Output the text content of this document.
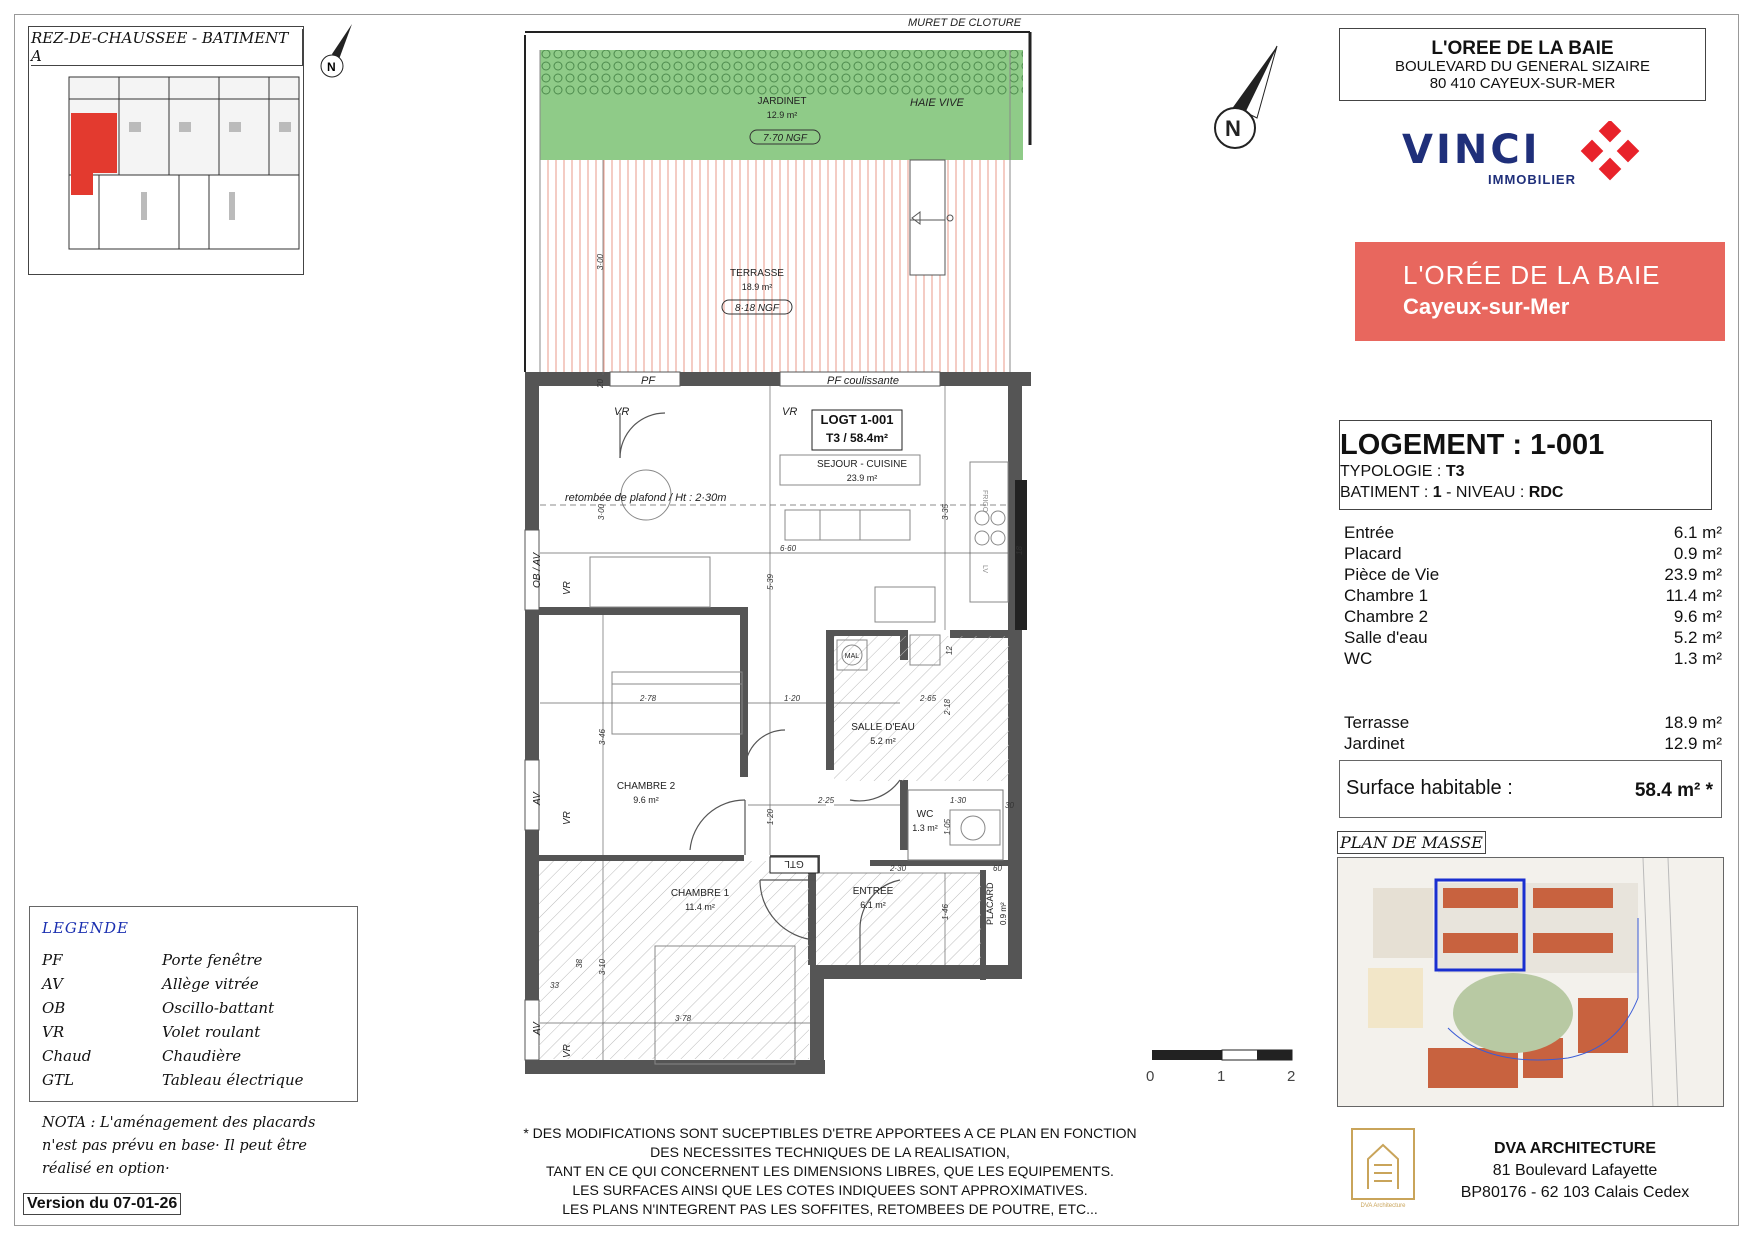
REZ-DE-CHAUSSEE - BATIMENT A
N
MURET DE CLOTURE
HAIE VIVE
JARDINET
12.9 m²
7·70 NGF
TERRASSE
18.9 m²
8·18 NGF
PF	PF coulissante
VR	VR LOGT 1-001
T3 / 58.4m²
SEJOUR - CUISINE
23.9 m²
retombée de plafond / Ht : 2·30m
SALLE D'EAU
5.2 m²
CHAMBRE 2
9.6 m²
WC
1.3 m²
CHAMBRE 1
11.4 m²
ENTREE
6.1 m²	PLACARD 0.9 m²
GTL
OB / AV
AV
AV
VR
VR
VR
MAL
FRIGO
LV
3·00
6·60
5·39
3·35
3·00
2·78	1·20	2·65
2·18
3·46
2·25	1·30
1·05
1·20
2·30
1·46
60
3·10
3·78
38
33
20
18
12
30
N
0	1	2
L'OREE DE LA BAIE
BOULEVARD DU GENERAL SIZAIRE
80 410 CAYEUX-SUR-MER
VINCI
IMMOBILIER
L'ORÉE DE LA BAIE
Cayeux-sur-Mer
LOGEMENT : 1-001
TYPOLOGIE : T3
BATIMENT : 1 - NIVEAU : RDC
Entrée	6.1 m²
Placard	0.9 m²
Pièce de Vie	23.9 m²
Chambre 1	11.4 m²
Chambre 2	9.6 m²
Salle d'eau	5.2 m²
WC	1.3 m²
Terrasse	18.9 m²
Jardinet	12.9 m²
Surface habitable :	58.4 m² *
PLAN DE MASSE
DVA Architecture
DVA ARCHITECTURE
81 Boulevard Lafayette
BP80176 - 62 103 Calais Cedex
LEGENDE
PF	Porte fenêtre
AV	Allège vitrée
OB	Oscillo-battant
VR	Volet roulant
Chaud	Chaudière
GTL	Tableau électrique
NOTA : L'aménagement des placards
n'est pas prévu en base· Il peut être
réalisé en option·
Version du 07-01-26
* DES MODIFICATIONS SONT SUCEPTIBLES D'ETRE APPORTEES A CE PLAN EN FONCTION
DES NECESSITES TECHNIQUES DE LA REALISATION,
TANT EN CE QUI CONCERNENT LES DIMENSIONS LIBRES, QUE LES EQUIPEMENTS.
LES SURFACES AINSI QUE LES COTES INDIQUEES SONT APPROXIMATIVES.
LES PLANS N'INTEGRENT PAS LES SOFFITES, RETOMBEES DE POUTRE, ETC...
